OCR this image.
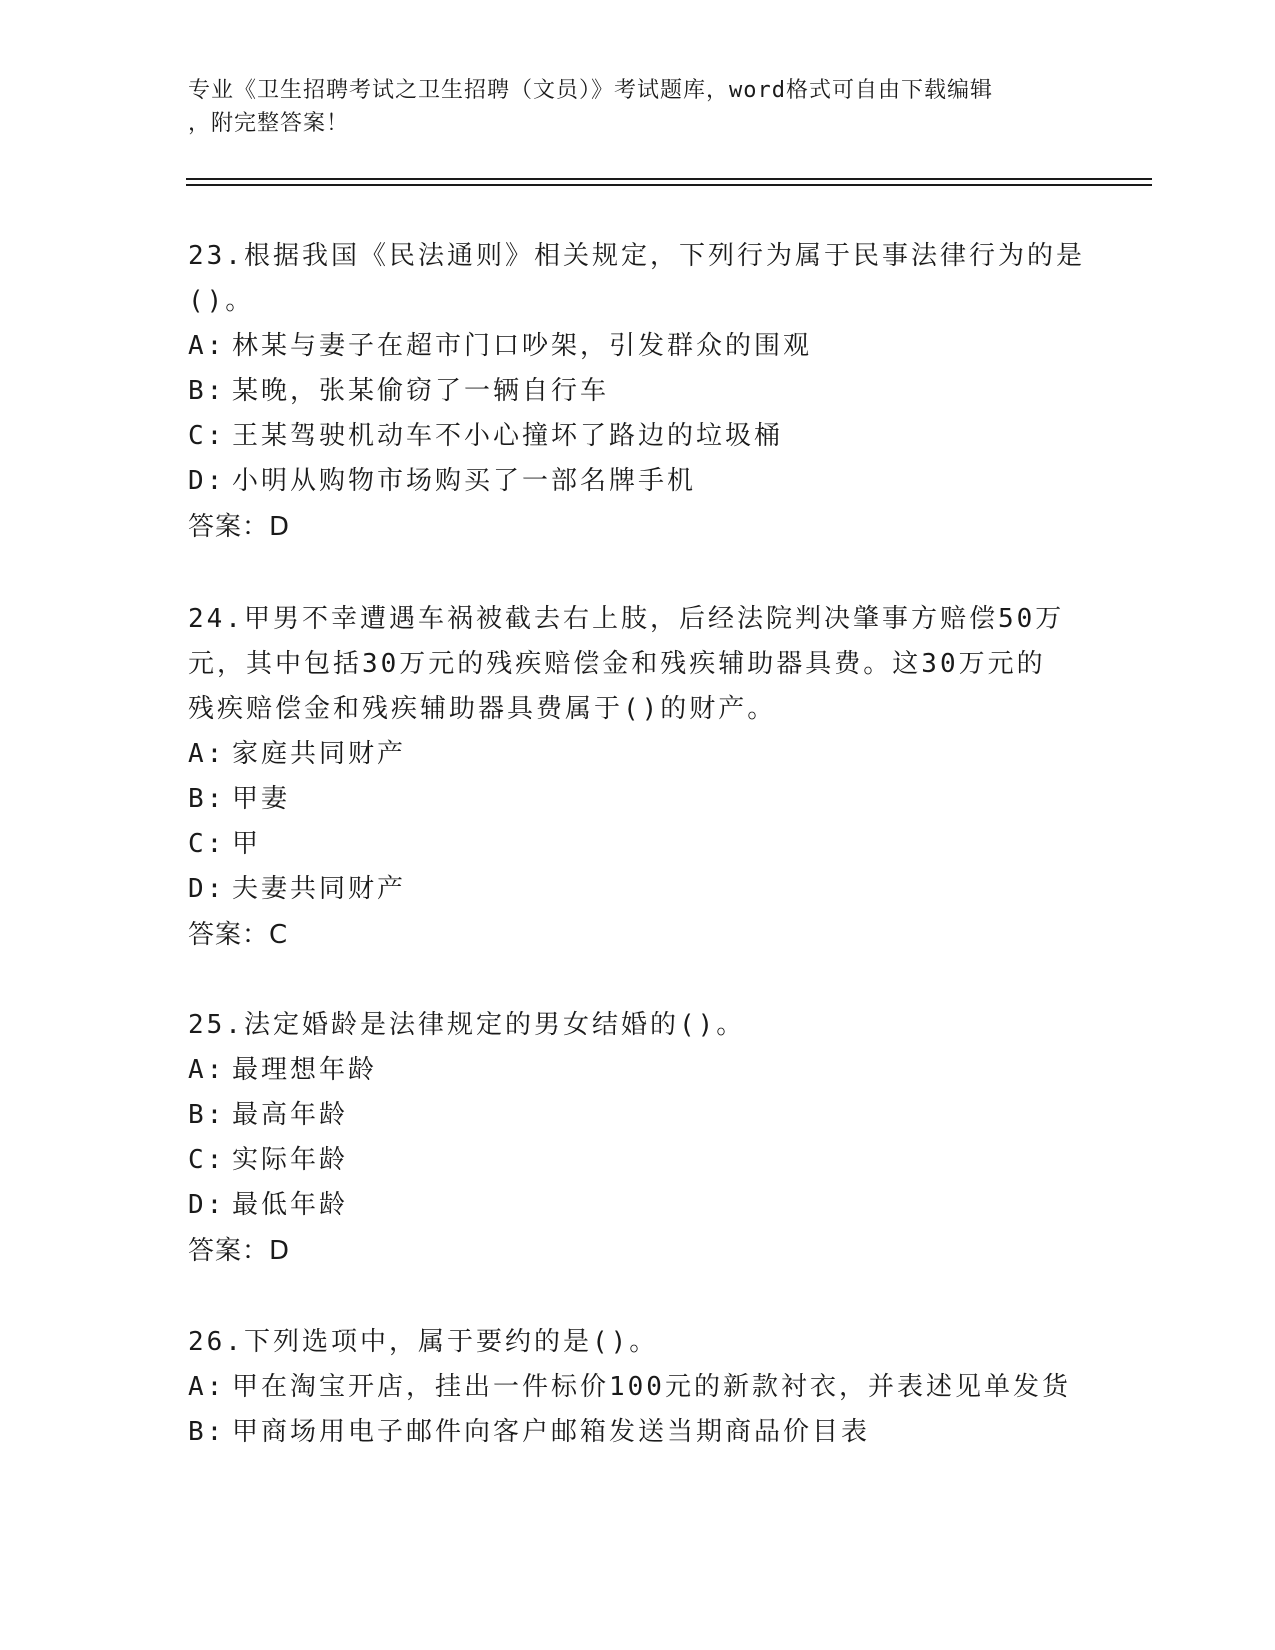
专业《卫生招聘考试之卫生招聘（文员）》考试题库，word格式可自由下载编辑
，附完整答案！
23.根据我国《民法通则》相关规定，下列行为属于民事法律行为的是
()。
A: 林某与妻子在超市门口吵架，引发群众的围观
B: 某晚，张某偷窃了一辆自行车
C: 王某驾驶机动车不小心撞坏了路边的垃圾桶
D: 小明从购物市场购买了一部名牌手机
答案：D
24.甲男不幸遭遇车祸被截去右上肢，后经法院判决肇事方赔偿50万
元，其中包括30万元的残疾赔偿金和残疾辅助器具费。这30万元的
残疾赔偿金和残疾辅助器具费属于()的财产。
A: 家庭共同财产
B: 甲妻
C: 甲
D: 夫妻共同财产
答案：C
25.法定婚龄是法律规定的男女结婚的()。
A: 最理想年龄
B: 最高年龄
C: 实际年龄
D: 最低年龄
答案：D
26.下列选项中，属于要约的是()。
A: 甲在淘宝开店，挂出一件标价100元的新款衬衣，并表述见单发货
B: 甲商场用电子邮件向客户邮箱发送当期商品价目表
